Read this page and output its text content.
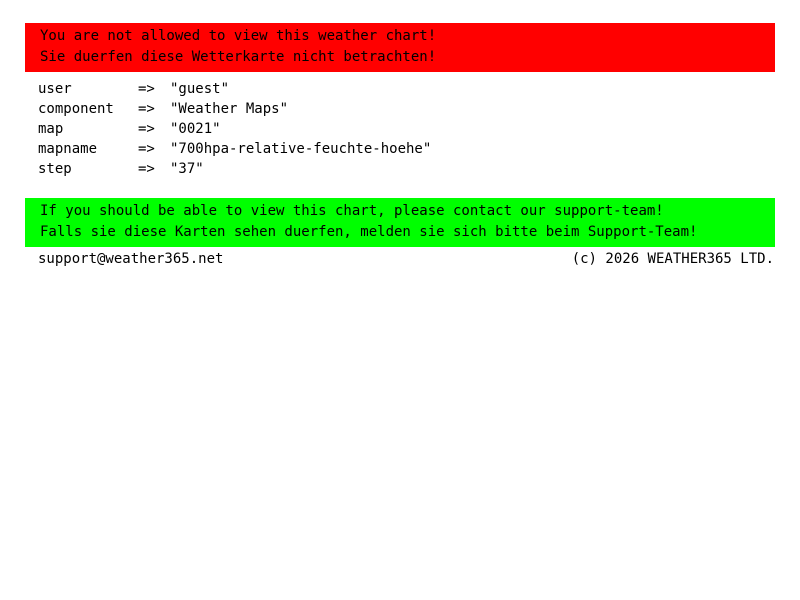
You are not allowed to view this weather chart!
Sie duerfen diese Wetterkarte nicht betrachten!
user	=>	"guest"
component	=>	"Weather Maps"
map	=>	"0021"
mapname	=>	"700hpa-relative-feuchte-hoehe"
step	=>	"37"
If you should be able to view this chart, please contact our support-team!
Falls sie diese Karten sehen duerfen, melden sie sich bitte beim Support-Team!
support@weather365.net	(c) 2026 WEATHER365 LTD.
